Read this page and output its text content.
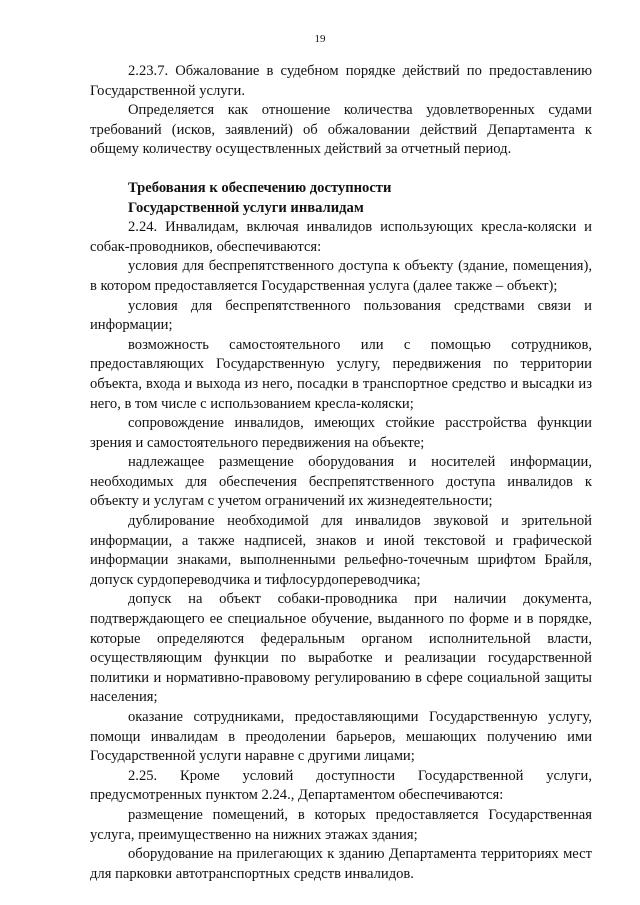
19

2.23.7. Обжалование в судебном порядке действий по предоставлению Государственной услуги.

Определяется как отношение количества удовлетворенных судами требований (исков, заявлений) об обжаловании действий Департамента к общему количеству осуществленных действий за отчетный период.

Требования к обеспечению доступности
Государственной услуги инвалидам

2.24. Инвалидам, включая инвалидов использующих кресла-коляски и собак-проводников, обеспечиваются:

условия для беспрепятственного доступа к объекту (здание, помещения), в котором предоставляется Государственная услуга (далее также – объект);

условия для беспрепятственного пользования средствами связи и информации;

возможность самостоятельного или с помощью сотрудников, предоставляющих Государственную услугу, передвижения по территории объекта, входа и выхода из него, посадки в транспортное средство и высадки из него, в том числе с использованием кресла-коляски;

сопровождение инвалидов, имеющих стойкие расстройства функции зрения и самостоятельного передвижения на объекте;

надлежащее размещение оборудования и носителей информации, необходимых для обеспечения беспрепятственного доступа инвалидов к объекту и услугам с учетом ограничений их жизнедеятельности;

дублирование необходимой для инвалидов звуковой и зрительной информации, а также надписей, знаков и иной текстовой и графической информации знаками, выполненными рельефно-точечным шрифтом Брайля, допуск сурдопереводчика и тифлосурдопереводчика;

допуск на объект собаки-проводника при наличии документа, подтверждающего ее специальное обучение, выданного по форме и в порядке, которые определяются федеральным органом исполнительной власти, осуществляющим функции по выработке и реализации государственной политики и нормативно-правовому регулированию в сфере социальной защиты населения;

оказание сотрудниками, предоставляющими Государственную услугу, помощи инвалидам в преодолении барьеров, мешающих получению ими Государственной услуги наравне с другими лицами;

2.25. Кроме условий доступности Государственной услуги, предусмотренных пунктом 2.24., Департаментом обеспечиваются:

размещение помещений, в которых предоставляется Государственная услуга, преимущественно на нижних этажах здания;

оборудование на прилегающих к зданию Департамента территориях мест для парковки автотранспортных средств инвалидов.
